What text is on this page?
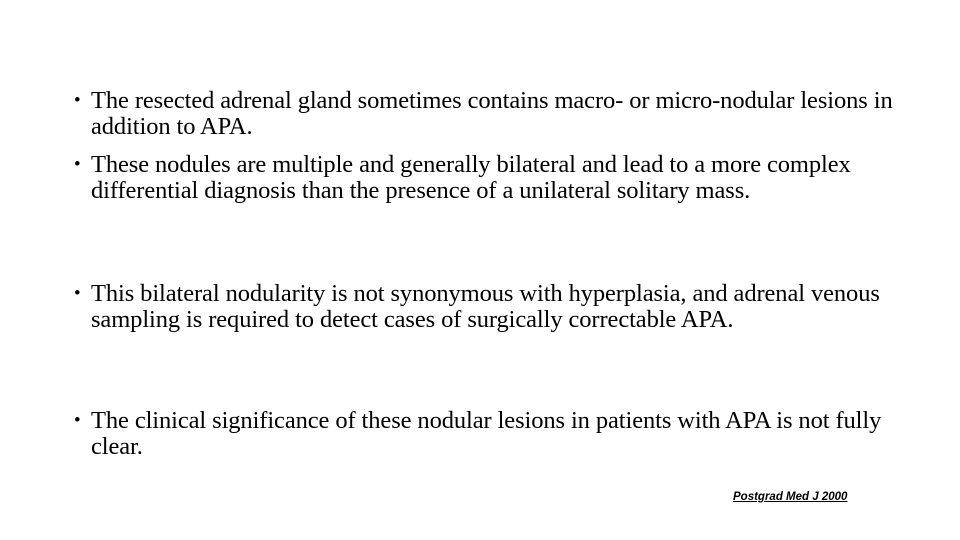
• The resected adrenal gland sometimes contains macro- or micro-nodular lesions in addition to APA.
• These nodules are multiple and generally bilateral and lead to a more complex differential diagnosis than the presence of a unilateral solitary mass.
• This bilateral nodularity is not synonymous with hyperplasia, and adrenal venous sampling is required to detect cases of surgically correctable APA.
• The clinical significance of these nodular lesions in patients with APA is not fully clear.
Postgrad Med J 2000
